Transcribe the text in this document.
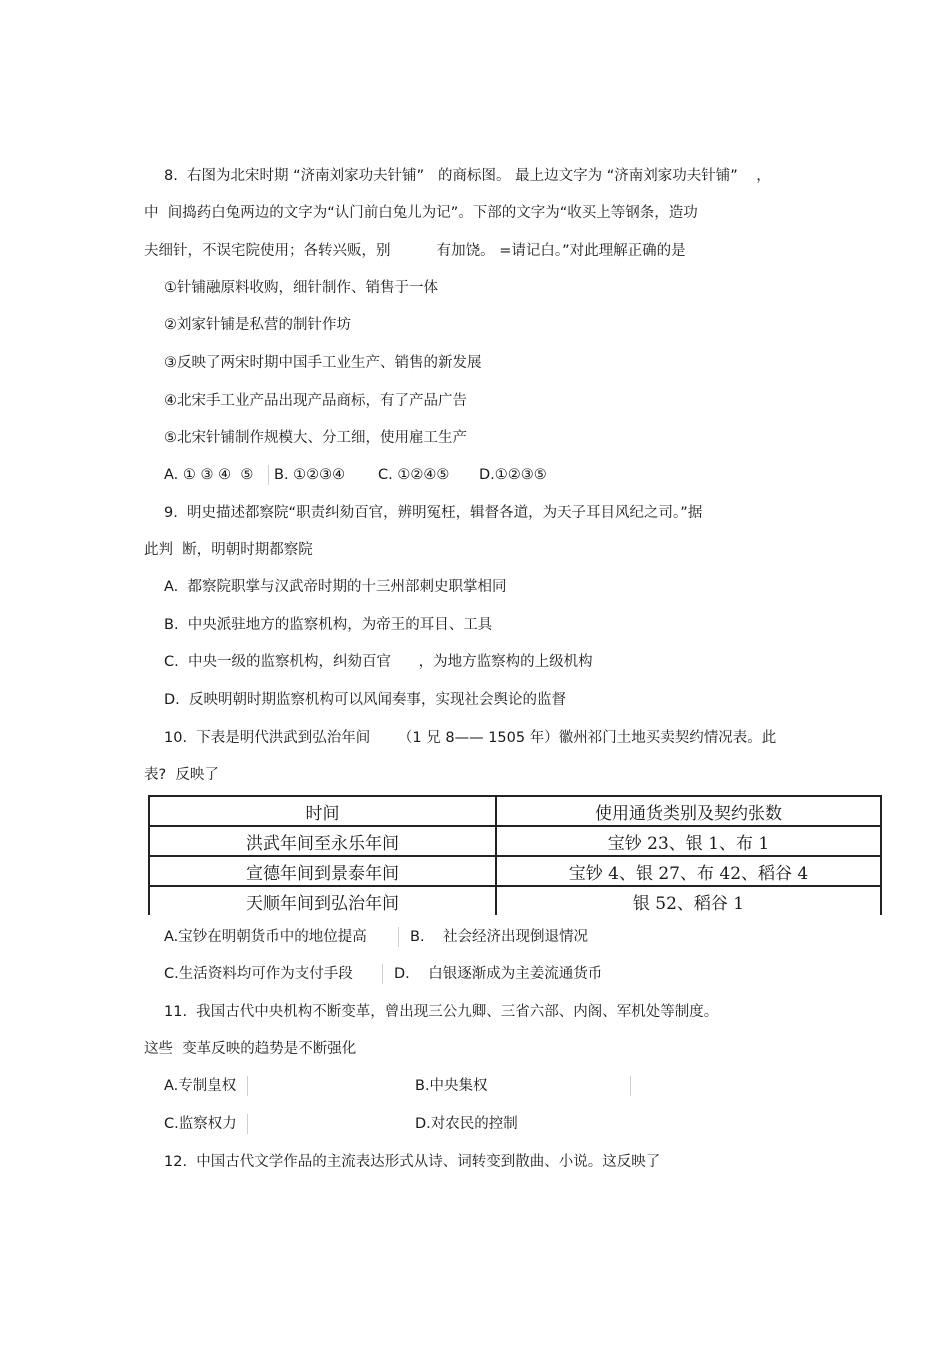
8.  右图为北宋时期 “济南刘家功夫针铺”   的商标图。 最上边文字为 “济南刘家功夫针铺”    ，
中  间捣药白兔两边的文字为“认门前白兔儿为记”。下部的文字为“收买上等钢条，造功
夫细针，不误宅院使用；各转兴贩，别          有加饶。 =请记白。”对此理解正确的是
①针铺融原料收购，细针制作、销售于一体
②刘家针铺是私营的制针作坊
③反映了两宋时期中国手工业生产、销售的新发展
④北宋手工业产品出现产品商标，有了产品广告
⑤北宋针铺制作规模大、分工细，使用雇工生产
A. ① ③ ④  ⑤ B. ①②③④ C. ①②④⑤ D.①②③⑤
9.  明史描述都察院“职责纠劾百官，辨明冤枉，辑督各道，为天子耳目风纪之司。”据
此判  断，明朝时期都察院
A.  都察院职掌与汉武帝时期的十三州部刺史职掌相同
B.  中央派驻地方的监察机构，为帝王的耳目、工具
C.  中央一级的监察机构，纠劾百官      ，为地方监察构的上级机构
D.  反映明朝时期监察机构可以风闻奏事，实现社会舆论的监督
10.  下表是明代洪武到弘治年间      （1 兄 8—— 1505 年）徽州祁门土地买卖契约情况表。此
表?  反映了
时间	使用通货类别及契约张数
洪武年间至永乐年间	宝钞 23、银 1、布 1
宣德年间到景泰年间	宝钞 4、银 27、布 42、稻谷 4
天顺年间到弘治年间	银 52、稻谷 1
A.宝钞在明朝货币中的地位提高	B.    社会经济出现倒退情况
C.生活资料均可作为支付手段	D.    白银逐渐成为主姜流通货币
11.  我国古代中央机构不断变革，曾出现三公九卿、三省六部、内阁、军机处等制度。
这些  变革反映的趋势是不断强化
A.专制皇权	B.中央集权
C.监察权力	D.对农民的控制
12.  中国古代文学作品的主流表达形式从诗、词转变到散曲、小说。这反映了
